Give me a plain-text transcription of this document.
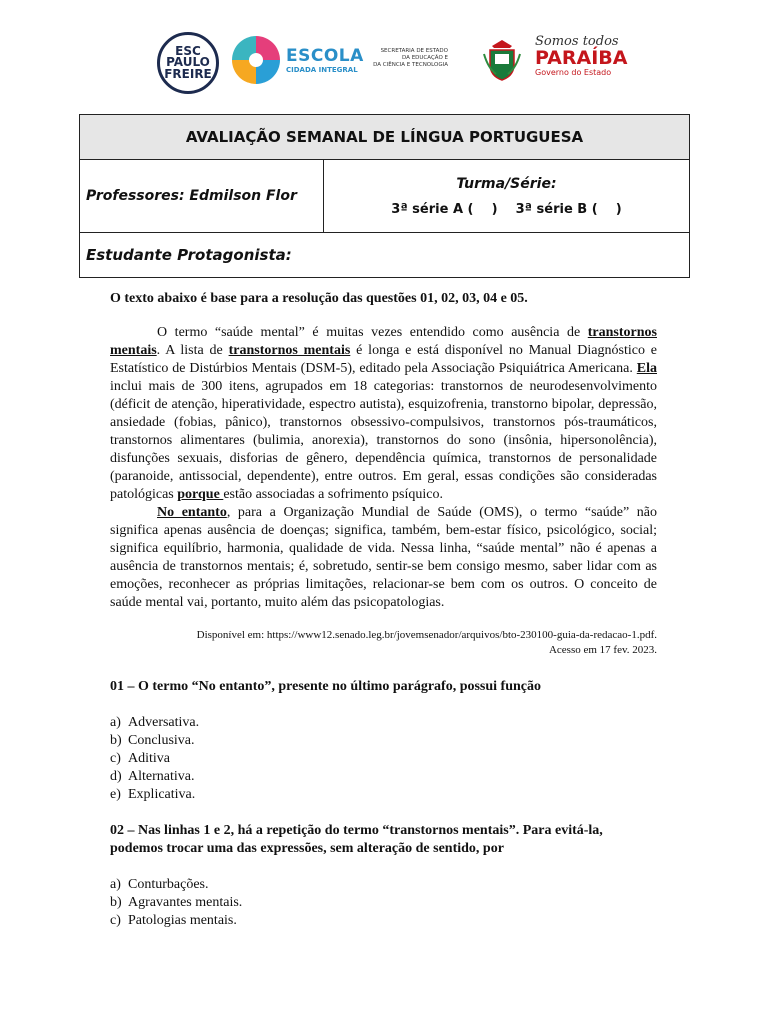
ESC
PAULO
FREIRE
ESCOLA
CIDADA INTEGRAL
SECRETARIA DE ESTADO
DA EDUCAÇÃO E
DA CIÊNCIA E TECNOLOGIA
Somos todos
PARAÍBA
Governo do Estado
AVALIAÇÃO SEMANAL DE LÍNGUA PORTUGUESA
Professores: Edmilson Flor	
Turma/Série:
3ª série A (    )    3ª série B (    )
Estudante Protagonista:

O texto abaixo é base para a resolução das questões 01, 02, 03, 04 e 05.

O termo “saúde mental” é muitas vezes entendido como ausência de transtornos mentais. A lista de transtornos mentais é longa e está disponível no Manual Diagnóstico e Estatístico de Distúrbios Mentais (DSM-5), editado pela Associação Psiquiátrica Americana. Ela inclui mais de 300 itens, agrupados em 18 categorias: transtornos de neurodesenvolvimento (déficit de atenção, hiperatividade, espectro autista), esquizofrenia, transtorno bipolar, depressão, ansiedade (fobias, pânico), transtornos obsessivo-compulsivos, transtornos pós-traumáticos, transtornos alimentares (bulimia, anorexia), transtornos do sono (insônia, hipersonolência), disfunções sexuais, disforias de gênero, dependência química, transtornos de personalidade (paranoide, antissocial, dependente), entre outros. Em geral, essas condições são consideradas patológicas porque estão associadas a sofrimento psíquico.

No entanto, para a Organização Mundial de Saúde (OMS), o termo “saúde” não significa apenas ausência de doenças; significa, também, bem-estar físico, psicológico, social; significa equilíbrio, harmonia, qualidade de vida. Nessa linha, “saúde mental” não é apenas a ausência de transtornos mentais; é, sobretudo, sentir-se bem consigo mesmo, saber lidar com as emoções, reconhecer as próprias limitações, relacionar-se bem com os outros. O conceito de saúde mental vai, portanto, muito além das psicopatologias.

Disponível em: https://www12.senado.leg.br/jovemsenador/arquivos/bto-230100-guia-da-redacao-1.pdf.
Acesso em 17 fev. 2023.

01 – O termo “No entanto”, presente no último parágrafo, possui função

a) Adversativa.
b) Conclusiva.
c) Aditiva
d) Alternativa.
e) Explicativa.

02 – Nas linhas 1 e 2, há a repetição do termo “transtornos mentais”. Para evitá-la, podemos trocar uma das expressões, sem alteração de sentido, por

a) Conturbações.
b) Agravantes mentais.
c) Patologias mentais.
